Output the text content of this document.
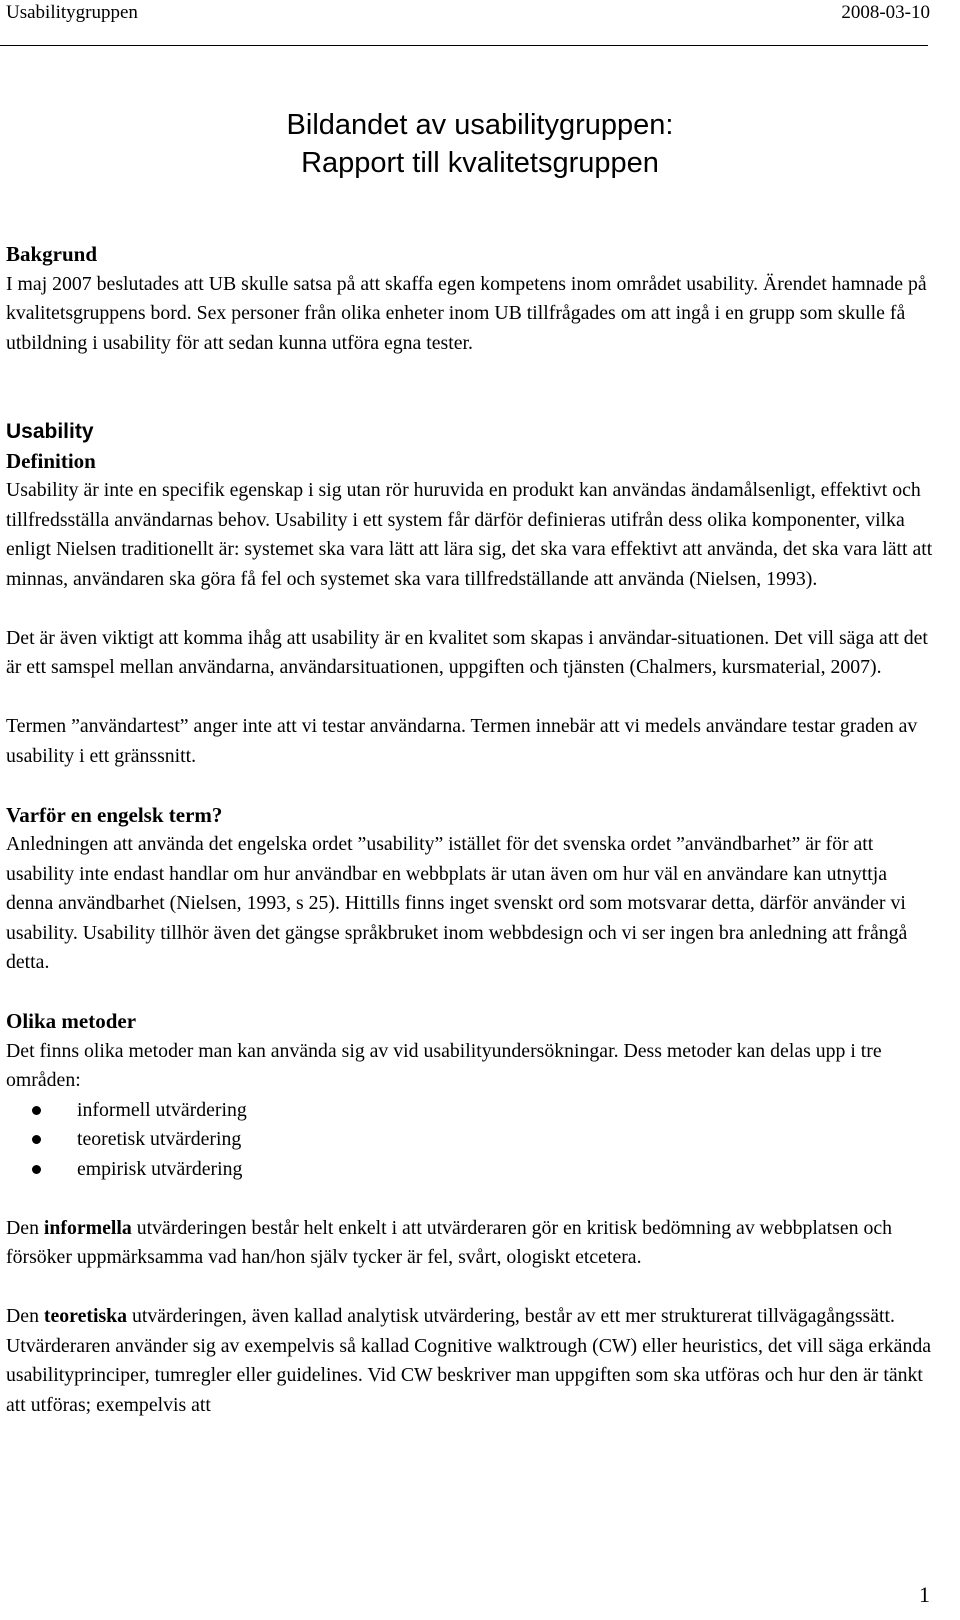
Usabilitygruppen	2008-03-10
Bildandet av usabilitygruppen:
Rapport till kvalitetsgruppen
Bakgrund

I maj 2007 beslutades att UB skulle satsa på att skaffa egen kompetens inom området usability. Ärendet hamnade på kvalitetsgruppens bord. Sex personer från olika enheter inom UB tillfrågades om att ingå i en grupp som skulle få utbildning i usability för att sedan kunna utföra egna tester.

Usability
Definition

Usability är inte en specifik egenskap i sig utan rör huruvida en produkt kan användas ändamålsenligt, effektivt och tillfredsställa användarnas behov. Usability i ett system får därför definieras utifrån dess olika komponenter, vilka enligt Nielsen traditionellt är: systemet ska vara lätt att lära sig, det ska vara effektivt att använda, det ska vara lätt att minnas, användaren ska göra få fel och systemet ska vara tillfredställande att använda (Nielsen, 1993).

Det är även viktigt att komma ihåg att usability är en kvalitet som skapas i användar-situationen. Det vill säga att det är ett samspel mellan användarna, användarsituationen, uppgiften och tjänsten (Chalmers, kursmaterial, 2007).

Termen ”användartest” anger inte att vi testar användarna. Termen innebär att vi medels användare testar graden av usability i ett gränssnitt.

Varför en engelsk term?

Anledningen att använda det engelska ordet ”usability” istället för det svenska ordet ”användbarhet” är för att usability inte endast handlar om hur användbar en webbplats är utan även om hur väl en användare kan utnyttja denna användbarhet (Nielsen, 1993, s 25). Hittills finns inget svenskt ord som motsvarar detta, därför använder vi usability. Usability tillhör även det gängse språkbruket inom webbdesign och vi ser ingen bra anledning att frångå detta.

Olika metoder

Det finns olika metoder man kan använda sig av vid usabilityundersökningar. Dess metoder kan delas upp i tre områden:

informell utvärdering
teoretisk utvärdering
empirisk utvärdering

Den informella utvärderingen består helt enkelt i att utvärderaren gör en kritisk bedömning av webbplatsen och försöker uppmärksamma vad han/hon själv tycker är fel, svårt, ologiskt etcetera.

Den teoretiska utvärderingen, även kallad analytisk utvärdering, består av ett mer strukturerat tillvägagångssätt. Utvärderaren använder sig av exempelvis så kallad Cognitive walktrough (CW) eller heuristics, det vill säga erkända usabilityprinciper, tumregler eller guidelines. Vid CW beskriver man uppgiften som ska utföras och hur den är tänkt att utföras; exempelvis att

1
